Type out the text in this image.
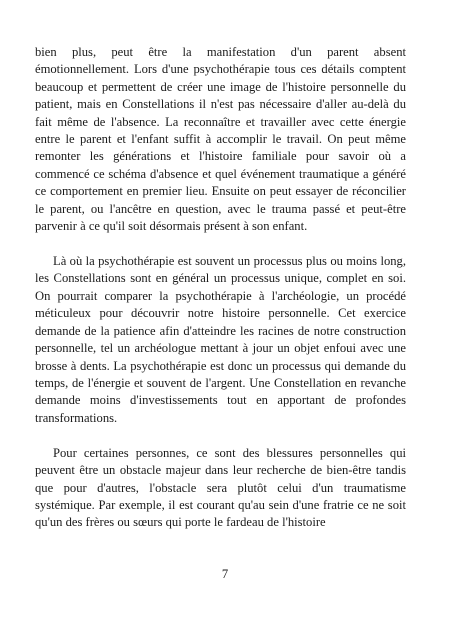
bien plus, peut être la manifestation d'un parent absent émotionnellement. Lors d'une psychothérapie tous ces détails comptent beaucoup et permettent de créer une image de l'histoire personnelle du patient, mais en Constellations il n'est pas nécessaire d'aller au-delà du fait même de l'absence. La reconnaître et travailler avec cette énergie entre le parent et l'enfant suffit à accomplir le travail. On peut même remonter les générations et l'histoire familiale pour savoir où a commencé ce schéma d'absence et quel événement traumatique a généré ce comportement en premier lieu. Ensuite on peut essayer de réconcilier le parent, ou l'ancêtre en question, avec le trauma passé et peut-être parvenir à ce qu'il soit désormais présent à son enfant.

Là où la psychothérapie est souvent un processus plus ou moins long, les Constellations sont en général un processus unique, complet en soi. On pourrait comparer la psychothérapie à l'archéologie, un procédé méticuleux pour découvrir notre histoire personnelle. Cet exercice demande de la patience afin d'atteindre les racines de notre construction personnelle, tel un archéologue mettant à jour un objet enfoui avec une brosse à dents. La psychothérapie est donc un processus qui demande du temps, de l'énergie et souvent de l'argent. Une Constellation en revanche demande moins d'investissements tout en apportant de profondes transformations.

Pour certaines personnes, ce sont des blessures personnelles qui peuvent être un obstacle majeur dans leur recherche de bien-être tandis que pour d'autres, l'obstacle sera plutôt celui d'un traumatisme systémique. Par exemple, il est courant qu'au sein d'une fratrie ce ne soit qu'un des frères ou sœurs qui porte le fardeau de l'histoire

7
